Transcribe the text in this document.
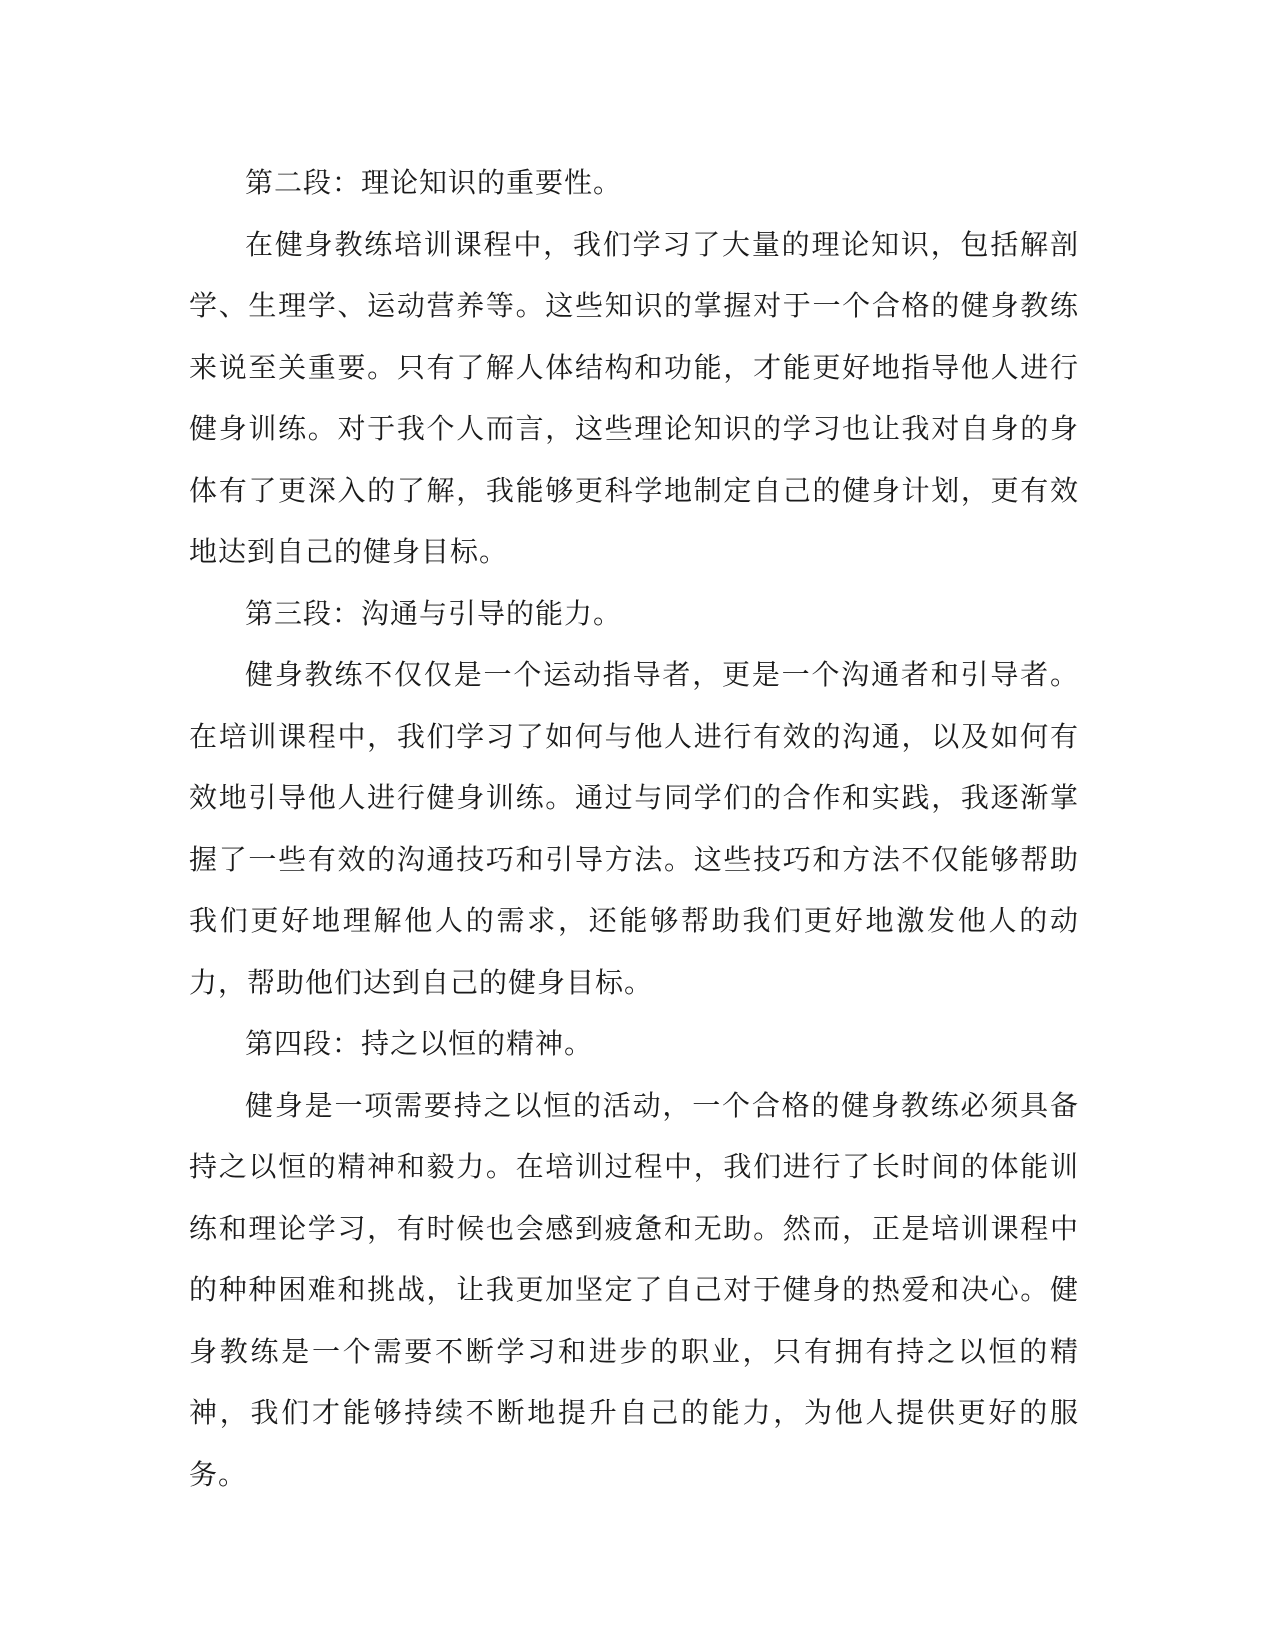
第二段：理论知识的重要性。

在健身教练培训课程中，我们学习了大量的理论知识，包括解剖学、生理学、运动营养等。这些知识的掌握对于一个合格的健身教练来说至关重要。只有了解人体结构和功能，才能更好地指导他人进行健身训练。对于我个人而言，这些理论知识的学习也让我对自身的身体有了更深入的了解，我能够更科学地制定自己的健身计划，更有效地达到自己的健身目标。

第三段：沟通与引导的能力。

健身教练不仅仅是一个运动指导者，更是一个沟通者和引导者。在培训课程中，我们学习了如何与他人进行有效的沟通，以及如何有效地引导他人进行健身训练。通过与同学们的合作和实践，我逐渐掌握了一些有效的沟通技巧和引导方法。这些技巧和方法不仅能够帮助我们更好地理解他人的需求，还能够帮助我们更好地激发他人的动力，帮助他们达到自己的健身目标。

第四段：持之以恒的精神。

健身是一项需要持之以恒的活动，一个合格的健身教练必须具备持之以恒的精神和毅力。在培训过程中，我们进行了长时间的体能训练和理论学习，有时候也会感到疲惫和无助。然而，正是培训课程中的种种困难和挑战，让我更加坚定了自己对于健身的热爱和决心。健身教练是一个需要不断学习和进步的职业，只有拥有持之以恒的精神，我们才能够持续不断地提升自己的能力，为他人提供更好的服务。
